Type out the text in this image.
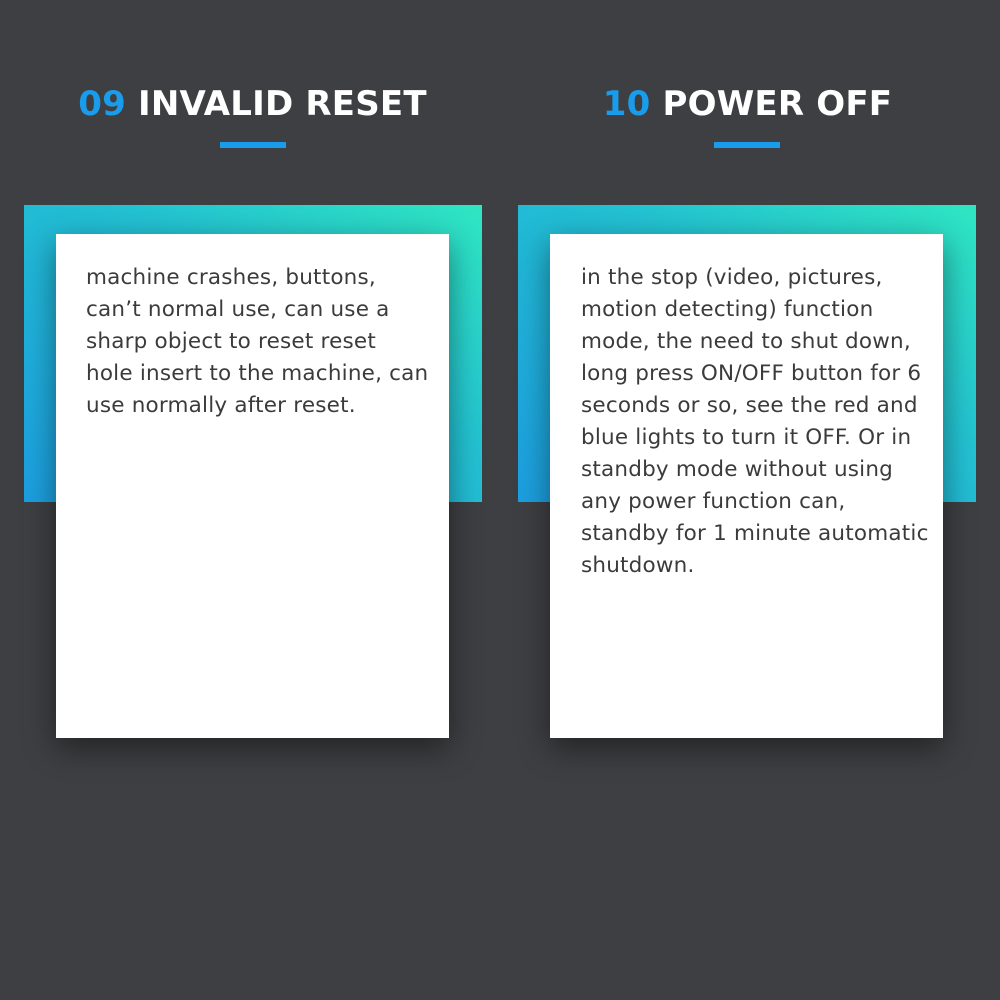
09 INVALID RESET

machine crashes, buttons, can’t normal use, can use a sharp object to reset reset hole insert to the machine, can use normally after reset.

10 POWER OFF

in the stop (video, pictures, motion detecting) function mode, the need to shut down, long press ON/OFF button for 6 seconds or so, see the red and blue lights to turn it OFF. Or in standby mode without using any power function can, standby for 1 minute automatic shutdown.
